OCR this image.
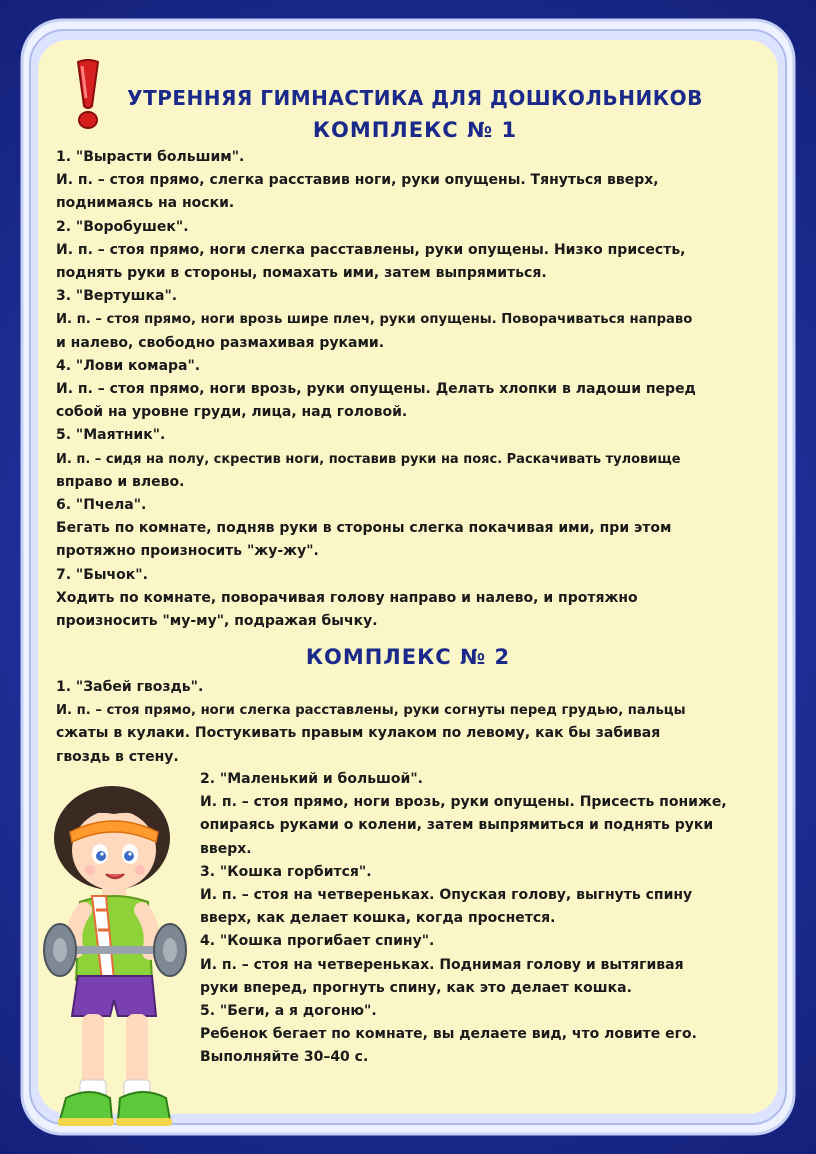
УТРЕННЯЯ ГИМНАСТИКА ДЛЯ ДОШКОЛЬНИКОВ
КОМПЛЕКС № 1

1. "Вырасти большим".

И. п. – стоя прямо, слегка расставив ноги, руки опущены. Тянуться вверх,

поднимаясь на носки.

2. "Воробушек".

И. п. – стоя прямо, ноги слегка расставлены, руки опущены. Низко присесть,

поднять руки в стороны, помахать ими, затем выпрямиться.

3. "Вертушка".

И. п. – стоя прямо, ноги врозь шире плеч, руки опущены. Поворачиваться направо

и налево, свободно размахивая руками.

4. "Лови комара".

И. п. – стоя прямо, ноги врозь, руки опущены. Делать хлопки в ладоши перед

собой на уровне груди, лица, над головой.

5. "Маятник".

И. п. – сидя на полу, скрестив ноги, поставив руки на пояс. Раскачивать туловище

вправо и влево.

6. "Пчела".

Бегать по комнате, подняв руки в стороны слегка покачивая ими, при этом

протяжно произносить "жу-жу".

7. "Бычок".

Ходить по комнате, поворачивая голову направо и налево, и протяжно

произносить "му-му", подражая бычку.

КОМПЛЕКС № 2

1. "Забей гвоздь".

И. п. – стоя прямо, ноги слегка расставлены, руки согнуты перед грудью, пальцы

сжаты в кулаки. Постукивать правым кулаком по левому, как бы забивая

гвоздь в стену.

2. "Маленький и большой".

И. п. – стоя прямо, ноги врозь, руки опущены. Присесть пониже,

опираясь руками о колени, затем выпрямиться и поднять руки

вверх.

3. "Кошка горбится".

И. п. – стоя на четвереньках. Опуская голову, выгнуть спину

вверх, как делает кошка, когда проснется.

4. "Кошка прогибает спину".

И. п. – стоя на четвереньках. Поднимая голову и вытягивая

руки вперед, прогнуть спину, как это делает кошка.

5. "Беги, а я догоню".

Ребенок бегает по комнате, вы делаете вид, что ловите его.

Выполняйте 30–40 с.
